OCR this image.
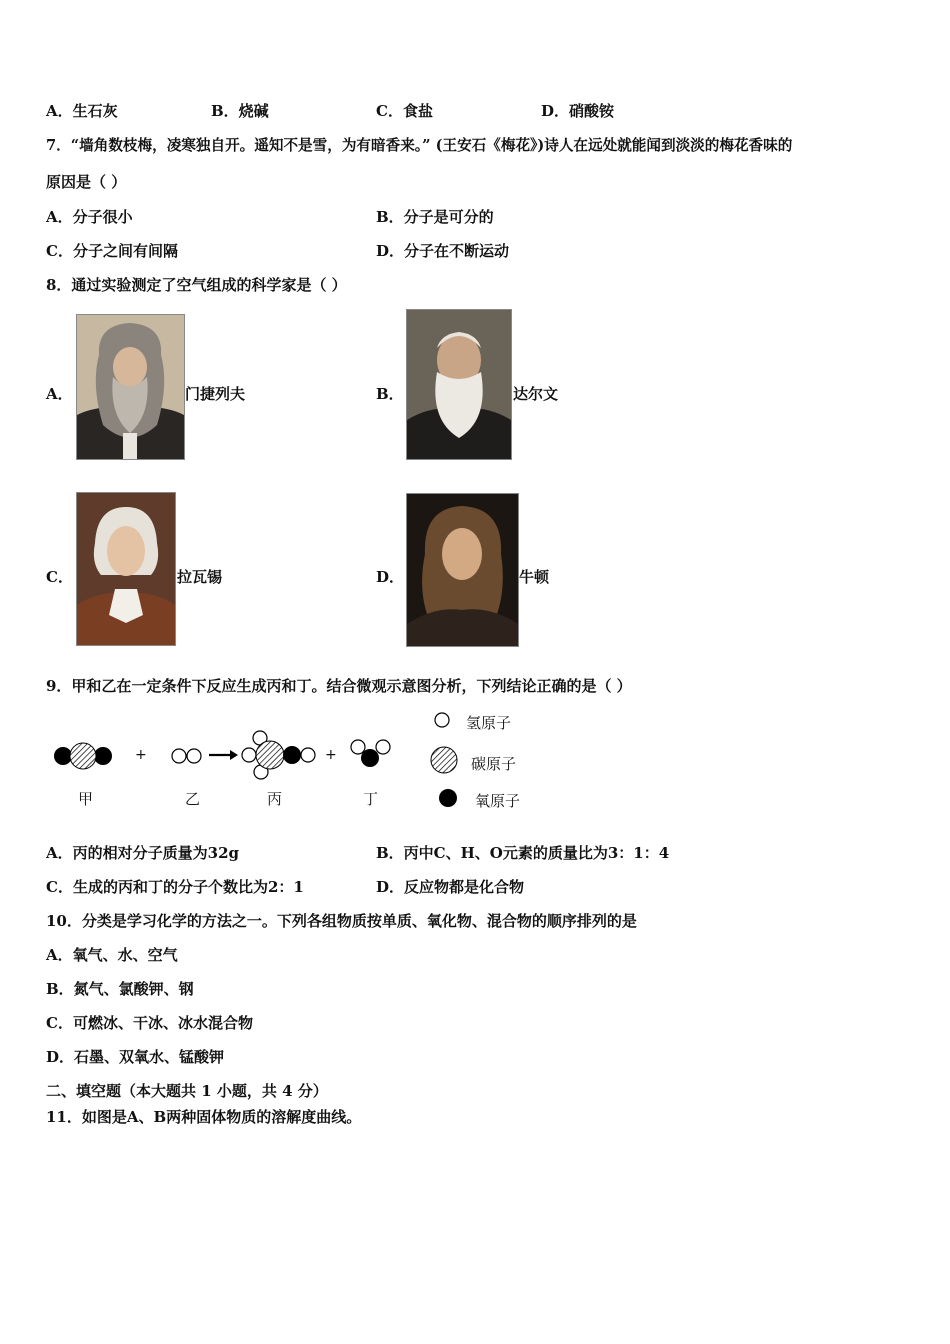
A．生石灰	B．烧碱	C．食盐	D．硝酸铵
7．“墙角数枝梅，凌寒独自开。遥知不是雪，为有暗香来。” (王安石《梅花》)诗人在远处就能闻到淡淡的梅花香味的
原因是（ ）
A．分子很小	B．分子是可分的
C．分子之间有间隔	D．分子在不断运动
8．通过实验测定了空气组成的科学家是（ ）
A．	门捷列夫	B．	达尔文
C．	拉瓦锡	D．	牛顿
9．甲和乙在一定条件下反应生成丙和丁。结合微观示意图分析，下列结论正确的是（ ）
+	+
甲	乙	丙	丁
氢原子
碳原子
氧原子
A．丙的相对分子质量为32g	B．丙中C、H、O元素的质量比为3：1：4
C．生成的丙和丁的分子个数比为2：1	D．反应物都是化合物
10．分类是学习化学的方法之一。下列各组物质按单质、氧化物、混合物的顺序排列的是
A．氧气、水、空气
B．氮气、氯酸钾、钢
C．可燃冰、干冰、冰水混合物
D．石墨、双氧水、锰酸钾
二、填空题（本大题共 1 小题，共 4 分）
11．如图是A、B两种固体物质的溶解度曲线。
